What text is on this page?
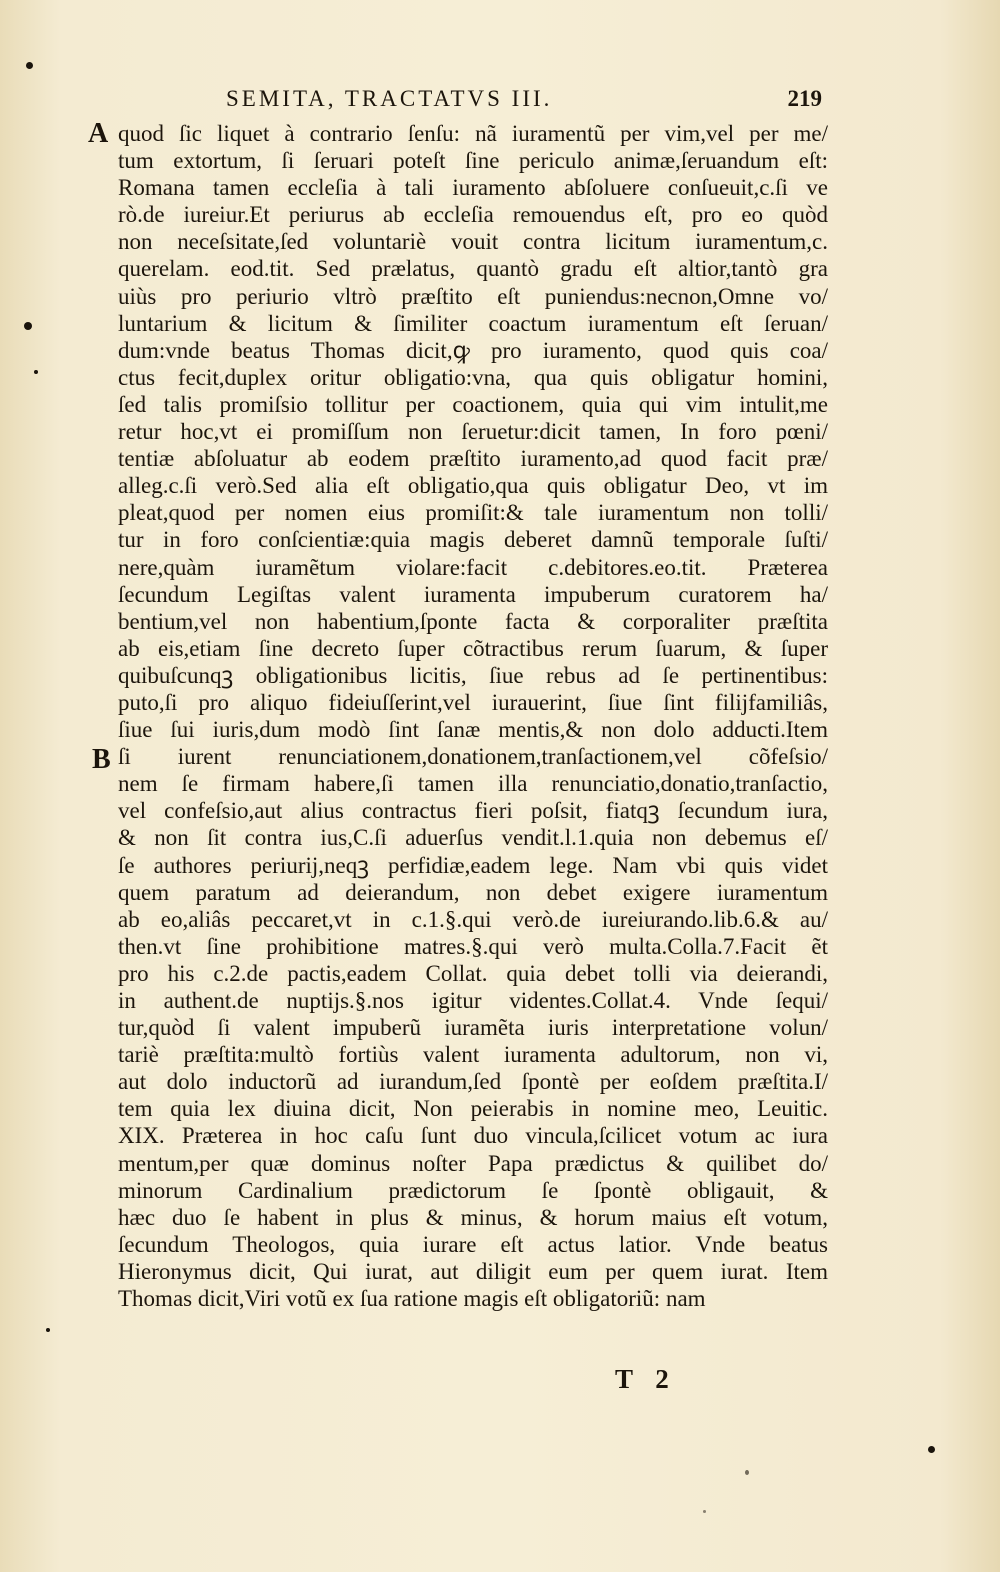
SEMITA, TRACTATVS III.	219
A
B
quod ſic liquet à contrario ſenſu: nã iuramentũ per vim,vel per me/
tum extortum, ſi ſeruari poteſt ſine periculo animæ,ſeruandum eſt:
Romana tamen eccleſia à tali iuramento abſoluere conſueuit,c.ſi ve
rò.de iureiur.Et periurus ab eccleſia remouendus eſt, pro eo quòd
non neceſsitate,ſed voluntariè vouit contra licitum iuramentum,c.
querelam. eod.tit. Sed prælatus, quantò gradu eſt altior,tantò gra
uiùs pro periurio vltrò præſtito eſt puniendus:necnon,Omne vo/
luntarium & licitum & ſimiliter coactum iuramentum eſt ſeruan/
dum:vnde beatus Thomas dicit,ꝙ pro iuramento, quod quis coa/
ctus fecit,duplex oritur obligatio:vna, qua quis obligatur homini,
ſed talis promiſsio tollitur per coactionem, quia qui vim intulit,me
retur hoc,vt ei promiſſum non ſeruetur:dicit tamen, In foro pœni/
tentiæ abſoluatur ab eodem præſtito iuramento,ad quod facit præ/
alleg.c.ſi verò.Sed alia eſt obligatio,qua quis obligatur Deo, vt im
pleat,quod per nomen eius promiſit:& tale iuramentum non tolli/
tur in foro conſcientiæ:quia magis deberet damnũ temporale ſuſti/
nere,quàm iuramẽtum violare:facit c.debitores.eo.tit. Præterea
ſecundum Legiſtas valent iuramenta impuberum curatorem ha/
bentium,vel non habentium,ſponte facta & corporaliter præſtita
ab eis,etiam ſine decreto ſuper cõtractibus rerum ſuarum, & ſuper
quibuſcunqꝫ obligationibus licitis, ſiue rebus ad ſe pertinentibus:
puto,ſi pro aliquo fideiuſſerint,vel iurauerint, ſiue ſint filijfamiliâs,
ſiue ſui iuris,dum modò ſint ſanæ mentis,& non dolo adducti.Item
ſi iurent renunciationem,donationem,tranſactionem,vel cõfeſsio/
nem ſe firmam habere,ſi tamen illa renunciatio,donatio,tranſactio,
vel confeſsio,aut alius contractus fieri poſsit, fiatqꝫ ſecundum iura,
& non ſit contra ius,C.ſi aduerſus vendit.l.1.quia non debemus eſ/
ſe authores periurij,neqꝫ perfidiæ,eadem lege. Nam vbi quis videt
quem paratum ad deierandum, non debet exigere iuramentum
ab eo,aliâs peccaret,vt in c.1.§.qui verò.de iureiurando.lib.6.& au/
then.vt ſine prohibitione matres.§.qui verò multa.Colla.7.Facit ẽt
pro his c.2.de pactis,eadem Collat. quia debet tolli via deierandi,
in authent.de nuptijs.§.nos igitur videntes.Collat.4. Vnde ſequi/
tur,quòd ſi valent impuberũ iuramẽta iuris interpretatione volun/
tariè præſtita:multò fortiùs valent iuramenta adultorum, non vi,
aut dolo inductorũ ad iurandum,ſed ſpontè per eoſdem præſtita.I/
tem quia lex diuina dicit, Non peierabis in nomine meo, Leuitic.
XIX. Præterea in hoc caſu ſunt duo vincula,ſcilicet votum ac iura
mentum,per quæ dominus noſter Papa prædictus & quilibet do/
minorum Cardinalium prædictorum ſe ſpontè obligauit, &
hæc duo ſe habent in plus & minus, & horum maius eſt votum,
ſecundum Theologos, quia iurare eſt actus latior. Vnde beatus
Hieronymus dicit, Qui iurat, aut diligit eum per quem iurat. Item
Thomas dicit,Viri votũ ex ſua ratione magis eſt obligatoriũ: nam
T 2
